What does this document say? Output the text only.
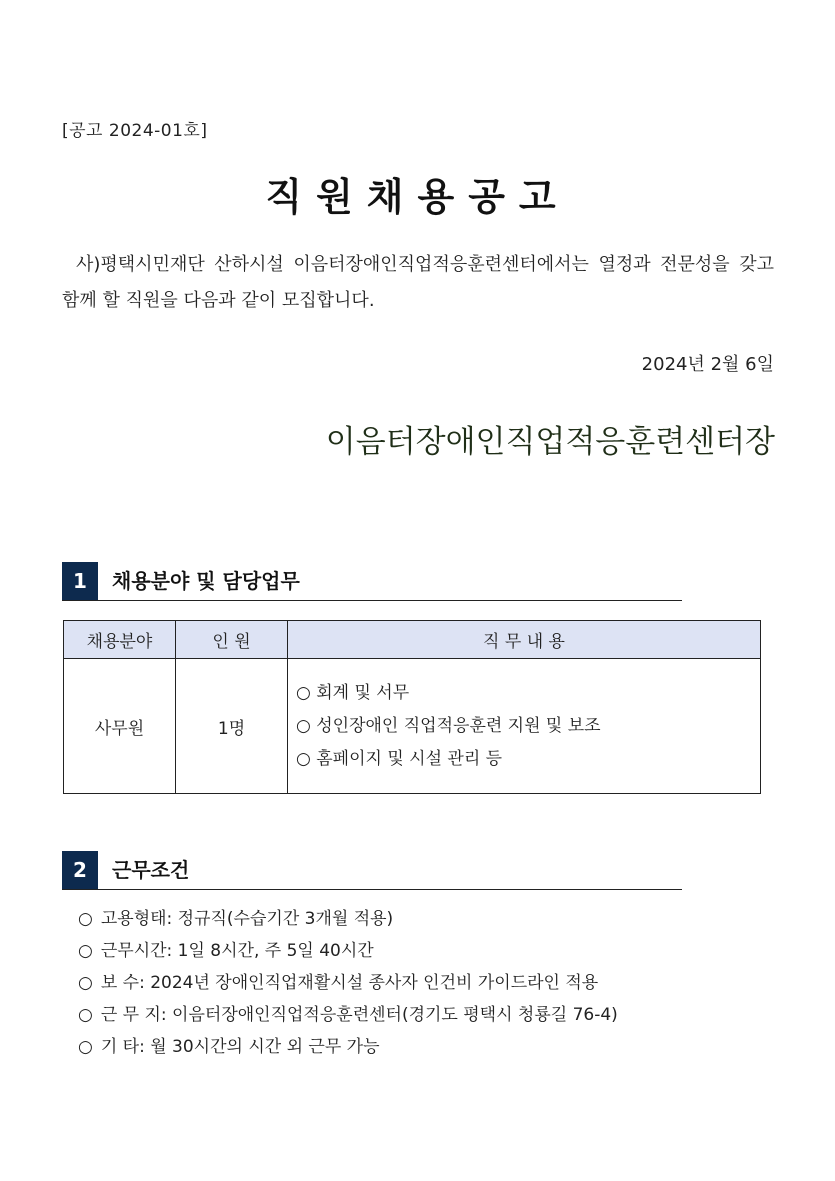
[공고 2024-01호]
직원채용공고
사)평택시민재단 산하시설 이음터장애인직업적응훈련센터에서는 열정과 전문성을 갖고 함께 할 직원을 다음과 같이 모집합니다.
2024년 2월 6일
이음터장애인직업적응훈련센터장
1	채용분야 및 담당업무
채용분야	인 원	직 무 내 용
사무원	1명	○ 회계 및 서무
○ 성인장애인 직업적응훈련 지원 및 보조
○ 홈페이지 및 시설 관리 등
2	근무조건
○ 고용형태: 정규직(수습기간 3개월 적용)
○ 근무시간: 1일 8시간, 주 5일 40시간
○ 보 수: 2024년 장애인직업재활시설 종사자 인건비 가이드라인 적용
○ 근 무 지: 이음터장애인직업적응훈련센터(경기도 평택시 청룡길 76-4)
○ 기 타: 월 30시간의 시간 외 근무 가능
